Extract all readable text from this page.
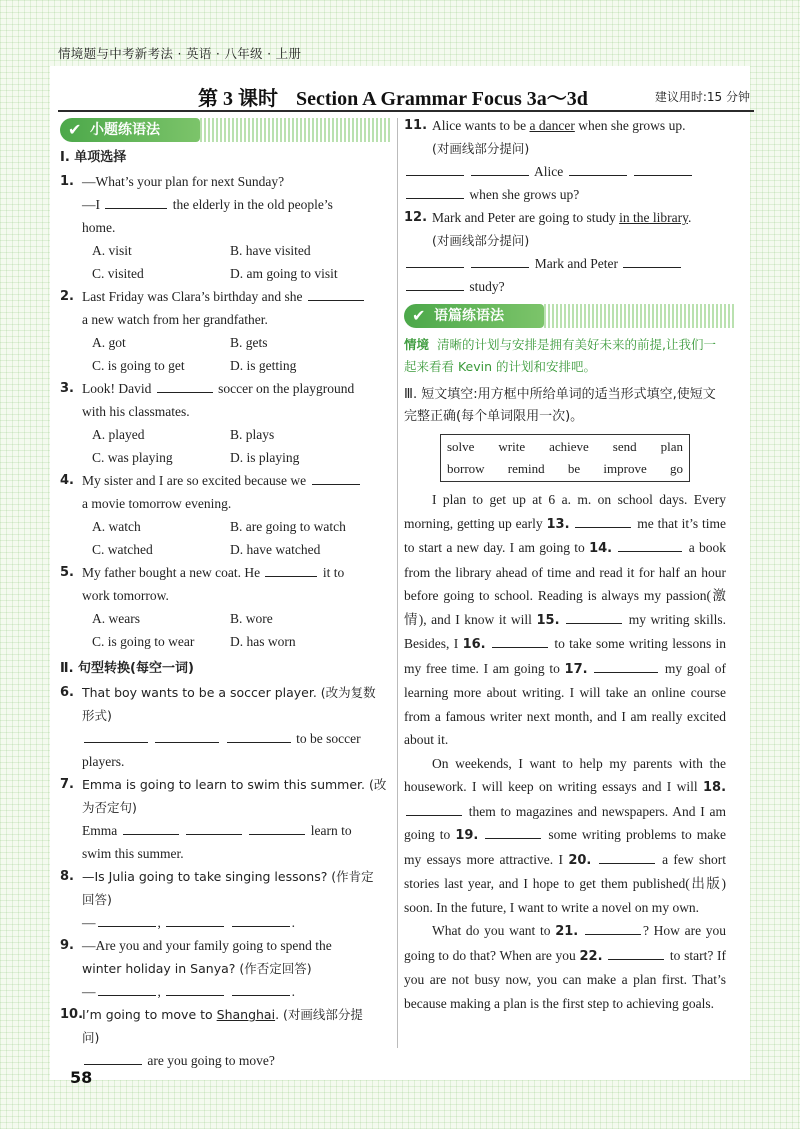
情境题与中考新考法 · 英语 · 八年级 · 上册
第 3 课时 Section A Grammar Focus 3a～3d	建议用时:15 分钟
✔ 小题练语法
Ⅰ. 单项选择
1. —What’s your plan for next Sunday?
—I	the elderly in the old people’s
home.
A. visit	B. have visited
C. visited	D. am going to visit
2. Last Friday was Clara’s birthday and she
a new watch from her grandfather.
A. got	B. gets
C. is going to get	D. is getting
3. Look! David	soccer on the playground
with his classmates.
A. played	B. plays
C. was playing	D. is playing
4. My sister and I are so excited because we
a movie tomorrow evening.
A. watch	B. are going to watch
C. watched	D. have watched
5. My father bought a new coat. He	it to
work tomorrow.
A. wears	B. wore
C. is going to wear	D. has worn
Ⅱ. 句型转换(每空一词)
6. That boy wants to be a soccer player. (改为复数
形式)
to be soccer
players.
7. Emma is going to learn to swim this summer. (改
为否定句)
Emma	learn to
swim this summer.
8. —Is Julia going to take singing lessons? (作肯定
回答)
—	,	.
9. —Are you and your family going to spend the
winter holiday in Sanya? (作否定回答)
—	,	.
10.
I’m going to move to Shanghai. (对画线部分提
问)
are you going to move?
11. Alice wants to be a dancer when she grows up.
(对画线部分提问)
Alice
when she grows up?
12. Mark and Peter are going to study in the library.
(对画线部分提问)
Mark and Peter
study?
✔ 语篇练语法
情境 清晰的计划与安排是拥有美好未来的前提,让我们一起来看看 Kevin 的计划和安排吧。
Ⅲ. 短文填空:用方框中所给单词的适当形式填空,使短文完整正确(每个单词限用一次)。
solve write achieve send plan
borrow remind be improve go

I plan to get up at 6 a. m. on school days. Every morning, getting up early 13.	me that it’s time to start a new day. I am going to 14.	a book from the library ahead of time and read it for half an hour before going to school. Reading is always my passion(激情), and I know it will 15.	my writing skills. Besides, I 16.	to take some writing lessons in my free time. I am going to 17.	my goal of learning more about writing. I will take an online course from a famous writer next month, and I am really excited about it.

On weekends, I want to help my parents with the housework. I will keep on writing essays and I will 18.  them to magazines and newspapers. And I am going to 19.	some writing problems to make my essays more attractive. I 20.	a few short stories last year, and I hope to get them published(出版) soon. In the future, I want to write a novel on my own.

What do you want to 21.	? How are you going to do that? When are you 22.	to start? If you are not busy now, you can make a plan first. That’s because making a plan is the first step to achieving goals.

58
